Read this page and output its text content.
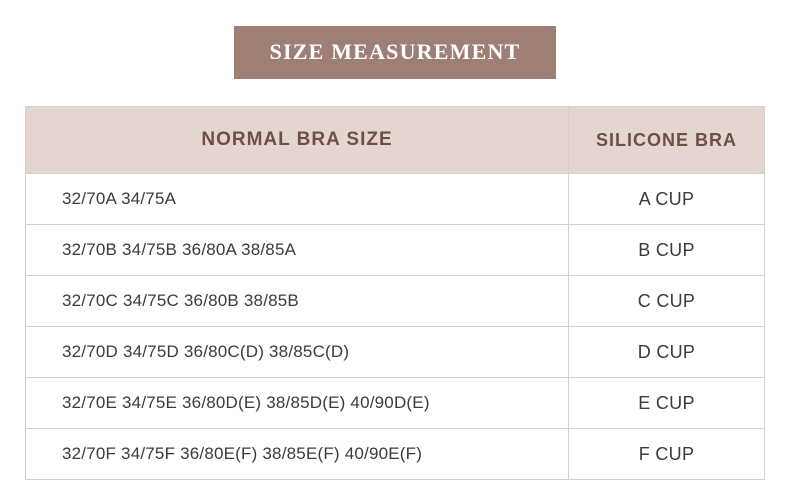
SIZE MEASUREMENT
NORMAL BRA SIZE	SILICONE BRA
32/70A 34/75A	A CUP
32/70B 34/75B 36/80A 38/85A	B CUP
32/70C 34/75C 36/80B 38/85B	C CUP
32/70D 34/75D 36/80C(D) 38/85C(D)	D CUP
32/70E 34/75E 36/80D(E) 38/85D(E) 40/90D(E)	E CUP
32/70F 34/75F 36/80E(F) 38/85E(F) 40/90E(F)	F CUP
